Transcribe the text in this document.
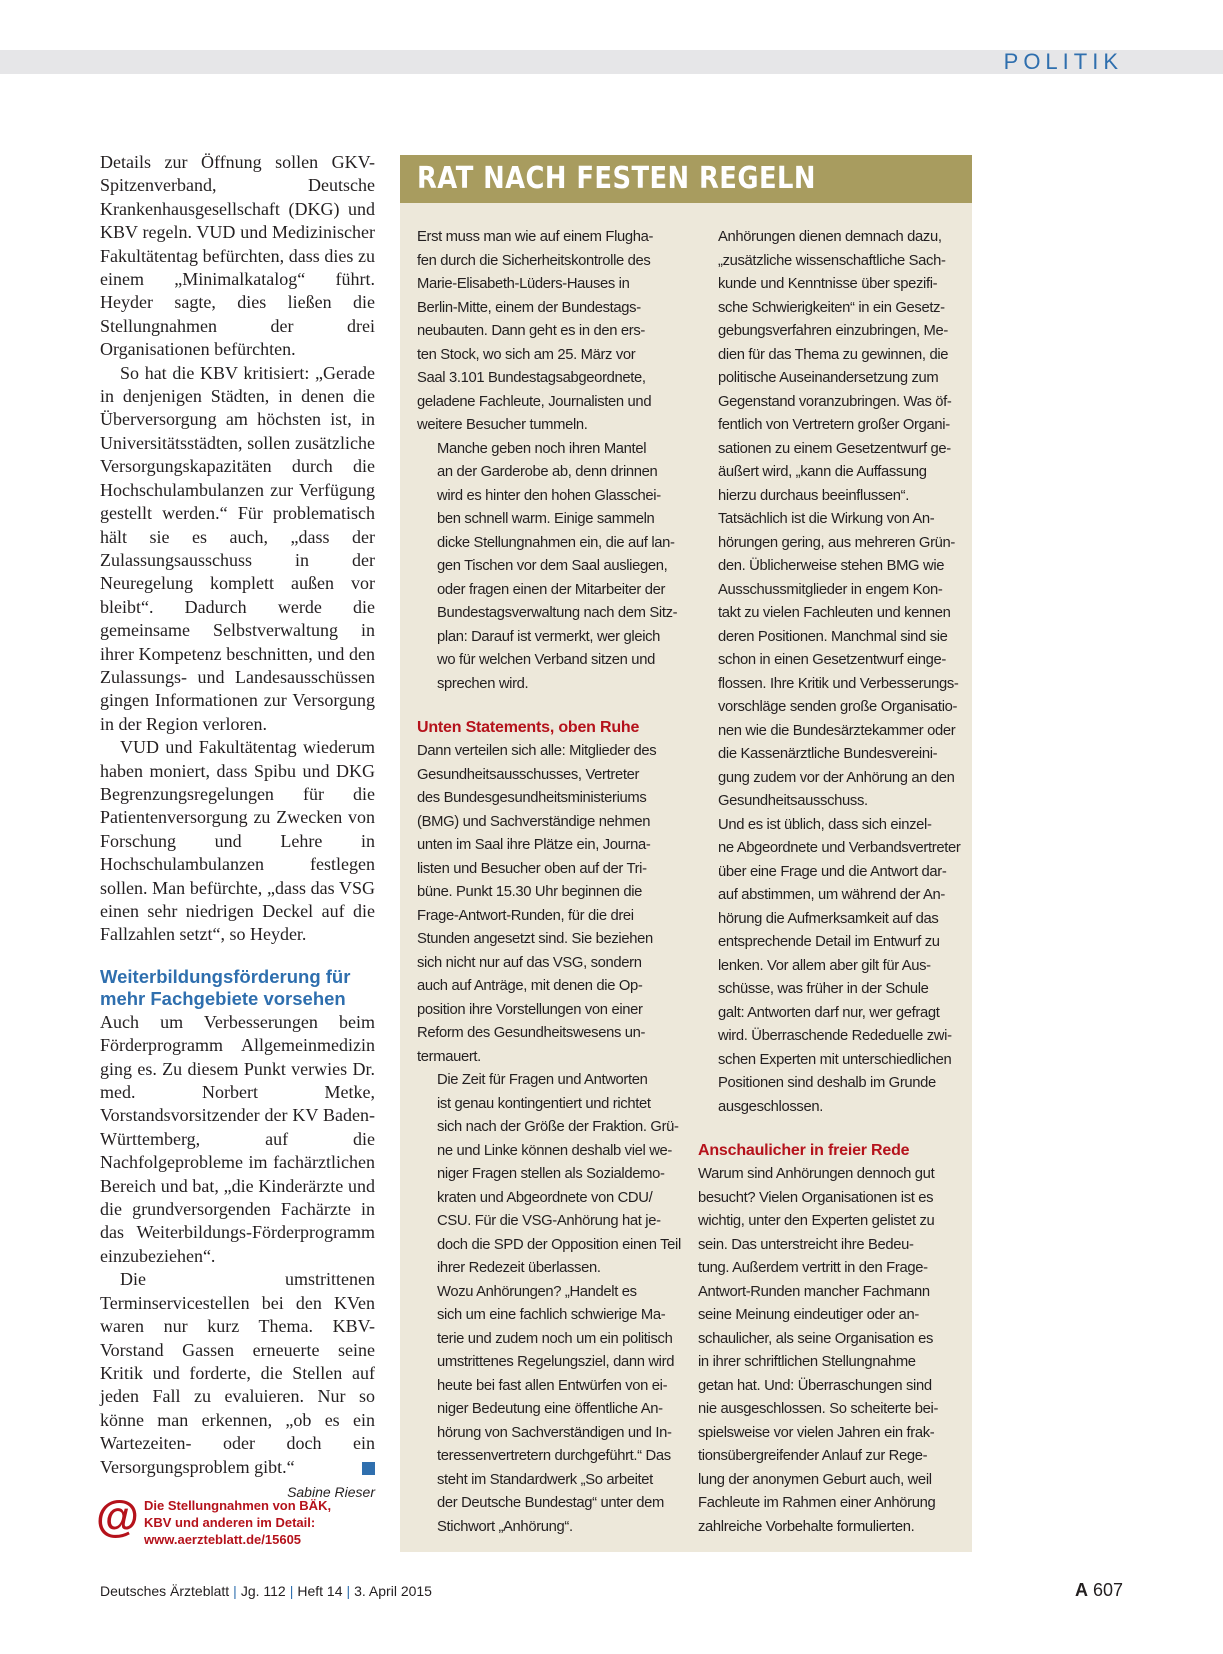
POLITIK

Details zur Öffnung sollen GKV-Spitzenverband, Deutsche Krankenhausgesellschaft (DKG) und KBV regeln. VUD und Medizinischer Fakultätentag befürchten, dass dies zu einem „Minimalkatalog“ führt. Heyder sagte, dies ließen die Stellungnahmen der drei Organisationen befürchten.

So hat die KBV kritisiert: „Gerade in denjenigen Städten, in denen die Überversorgung am höchsten ist, in Universitätsstädten, sollen zusätzliche Versorgungskapazitäten durch die Hochschulambulanzen zur Verfügung gestellt werden.“ Für problematisch hält sie es auch, „dass der Zulassungsausschuss in der Neuregelung komplett außen vor bleibt“. Dadurch werde die gemeinsame Selbstverwaltung in ihrer Kompetenz beschnitten, und den Zulassungs- und Landesausschüssen gingen Informationen zur Versorgung in der Region verloren.

VUD und Fakultätentag wiederum haben moniert, dass Spibu und DKG Begrenzungsregelungen für die Patientenversorgung zu Zwecken von Forschung und Lehre in Hochschulambulanzen festlegen sollen. Man befürchte, „dass das VSG einen sehr niedrigen Deckel auf die Fallzahlen setzt“, so Heyder.

Weiterbildungsförderung für mehr Fachgebiete vorsehen

Auch um Verbesserungen beim Förderprogramm Allgemeinmedizin ging es. Zu diesem Punkt verwies Dr. med. Norbert Metke, Vorstandsvorsitzender der KV Baden-Württemberg, auf die Nachfolgeprobleme im fachärztlichen Bereich und bat, „die Kinderärzte und die grundversorgenden Fachärzte in das Weiterbildungs-Förderprogramm einzubeziehen“.

Die umstrittenen Terminservicestellen bei den KVen waren nur kurz Thema. KBV-Vorstand Gassen erneuerte seine Kritik und forderte, die Stellen auf jeden Fall zu evaluieren. Nur so könne man erkennen, „ob es ein Wartezeiten- oder doch ein Versorgungsproblem gibt.“

Sabine Rieser
@ Die Stellungnahmen von BÄK,
KBV und anderen im Detail:
www.aerzteblatt.de/15605
RAT NACH FESTEN REGELN

Erst muss man wie auf einem Flugha-
fen durch die Sicherheitskontrolle des
Marie-Elisabeth-Lüders-Hauses in
Berlin-Mitte, einem der Bundestags-
neubauten. Dann geht es in den ers-
ten Stock, wo sich am 25. März vor
Saal 3.101 Bundestagsabgeordnete,
geladene Fachleute, Journalisten und
weitere Besucher tummeln.

Manche geben noch ihren Mantel
an der Garderobe ab, denn drinnen
wird es hinter den hohen Glasschei-
ben schnell warm. Einige sammeln
dicke Stellungnahmen ein, die auf lan-
gen Tischen vor dem Saal ausliegen,
oder fragen einen der Mitarbeiter der
Bundestagsverwaltung nach dem Sitz-
plan: Darauf ist vermerkt, wer gleich
wo für welchen Verband sitzen und
sprechen wird.

Unten Statements, oben Ruhe

Dann verteilen sich alle: Mitglieder des
Gesundheitsausschusses, Vertreter
des Bundesgesundheitsministeriums
(BMG) und Sachverständige nehmen
unten im Saal ihre Plätze ein, Journa-
listen und Besucher oben auf der Tri-
büne. Punkt 15.30 Uhr beginnen die
Frage-Antwort-Runden, für die drei
Stunden angesetzt sind. Sie beziehen
sich nicht nur auf das VSG, sondern
auch auf Anträge, mit denen die Op-
position ihre Vorstellungen von einer
Reform des Gesundheitswesens un-
termauert.

Die Zeit für Fragen und Antworten
ist genau kontingentiert und richtet
sich nach der Größe der Fraktion. Grü-
ne und Linke können deshalb viel we-
niger Fragen stellen als Sozialdemo-
kraten und Abgeordnete von CDU/
CSU. Für die VSG-Anhörung hat je-
doch die SPD der Opposition einen Teil
ihrer Redezeit überlassen.

Wozu Anhörungen? „Handelt es
sich um eine fachlich schwierige Ma-
terie und zudem noch um ein politisch
umstrittenes Regelungsziel, dann wird
heute bei fast allen Entwürfen von ei-
niger Bedeutung eine öffentliche An-
hörung von Sachverständigen und In-
teressenvertretern durchgeführt.“ Das
steht im Standardwerk „So arbeitet
der Deutsche Bundestag“ unter dem
Stichwort „Anhörung“.

Anhörungen dienen demnach dazu,
„zusätzliche wissenschaftliche Sach-
kunde und Kenntnisse über spezifi-
sche Schwierigkeiten“ in ein Gesetz-
gebungsverfahren einzubringen, Me-
dien für das Thema zu gewinnen, die
politische Auseinandersetzung zum
Gegenstand voranzubringen. Was öf-
fentlich von Vertretern großer Organi-
sationen zu einem Gesetzentwurf ge-
äußert wird, „kann die Auffassung
hierzu durchaus beeinflussen“.

Tatsächlich ist die Wirkung von An-
hörungen gering, aus mehreren Grün-
den. Üblicherweise stehen BMG wie
Ausschussmitglieder in engem Kon-
takt zu vielen Fachleuten und kennen
deren Positionen. Manchmal sind sie
schon in einen Gesetzentwurf einge-
flossen. Ihre Kritik und Verbesserungs-
vorschläge senden große Organisatio-
nen wie die Bundesärztekammer oder
die Kassenärztliche Bundesvereini-
gung zudem vor der Anhörung an den
Gesundheitsausschuss.

Und es ist üblich, dass sich einzel-
ne Abgeordnete und Verbandsvertreter
über eine Frage und die Antwort dar-
auf abstimmen, um während der An-
hörung die Aufmerksamkeit auf das
entsprechende Detail im Entwurf zu
lenken. Vor allem aber gilt für Aus-
schüsse, was früher in der Schule
galt: Antworten darf nur, wer gefragt
wird. Überraschende Rededuelle zwi-
schen Experten mit unterschiedlichen
Positionen sind deshalb im Grunde
ausgeschlossen.

Anschaulicher in freier Rede

Warum sind Anhörungen dennoch gut
besucht? Vielen Organisationen ist es
wichtig, unter den Experten gelistet zu
sein. Das unterstreicht ihre Bedeu-
tung. Außerdem vertritt in den Frage-
Antwort-Runden mancher Fachmann
seine Meinung eindeutiger oder an-
schaulicher, als seine Organisation es
in ihrer schriftlichen Stellungnahme
getan hat. Und: Überraschungen sind
nie ausgeschlossen. So scheiterte bei-
spielsweise vor vielen Jahren ein frak-
tionsübergreifender Anlauf zur Rege-
lung der anonymen Geburt auch, weil
Fachleute im Rahmen einer Anhörung
zahlreiche Vorbehalte formulierten.

Deutsches Ärzteblatt | Jg. 112 | Heft 14 | 3. April 2015	A 607
